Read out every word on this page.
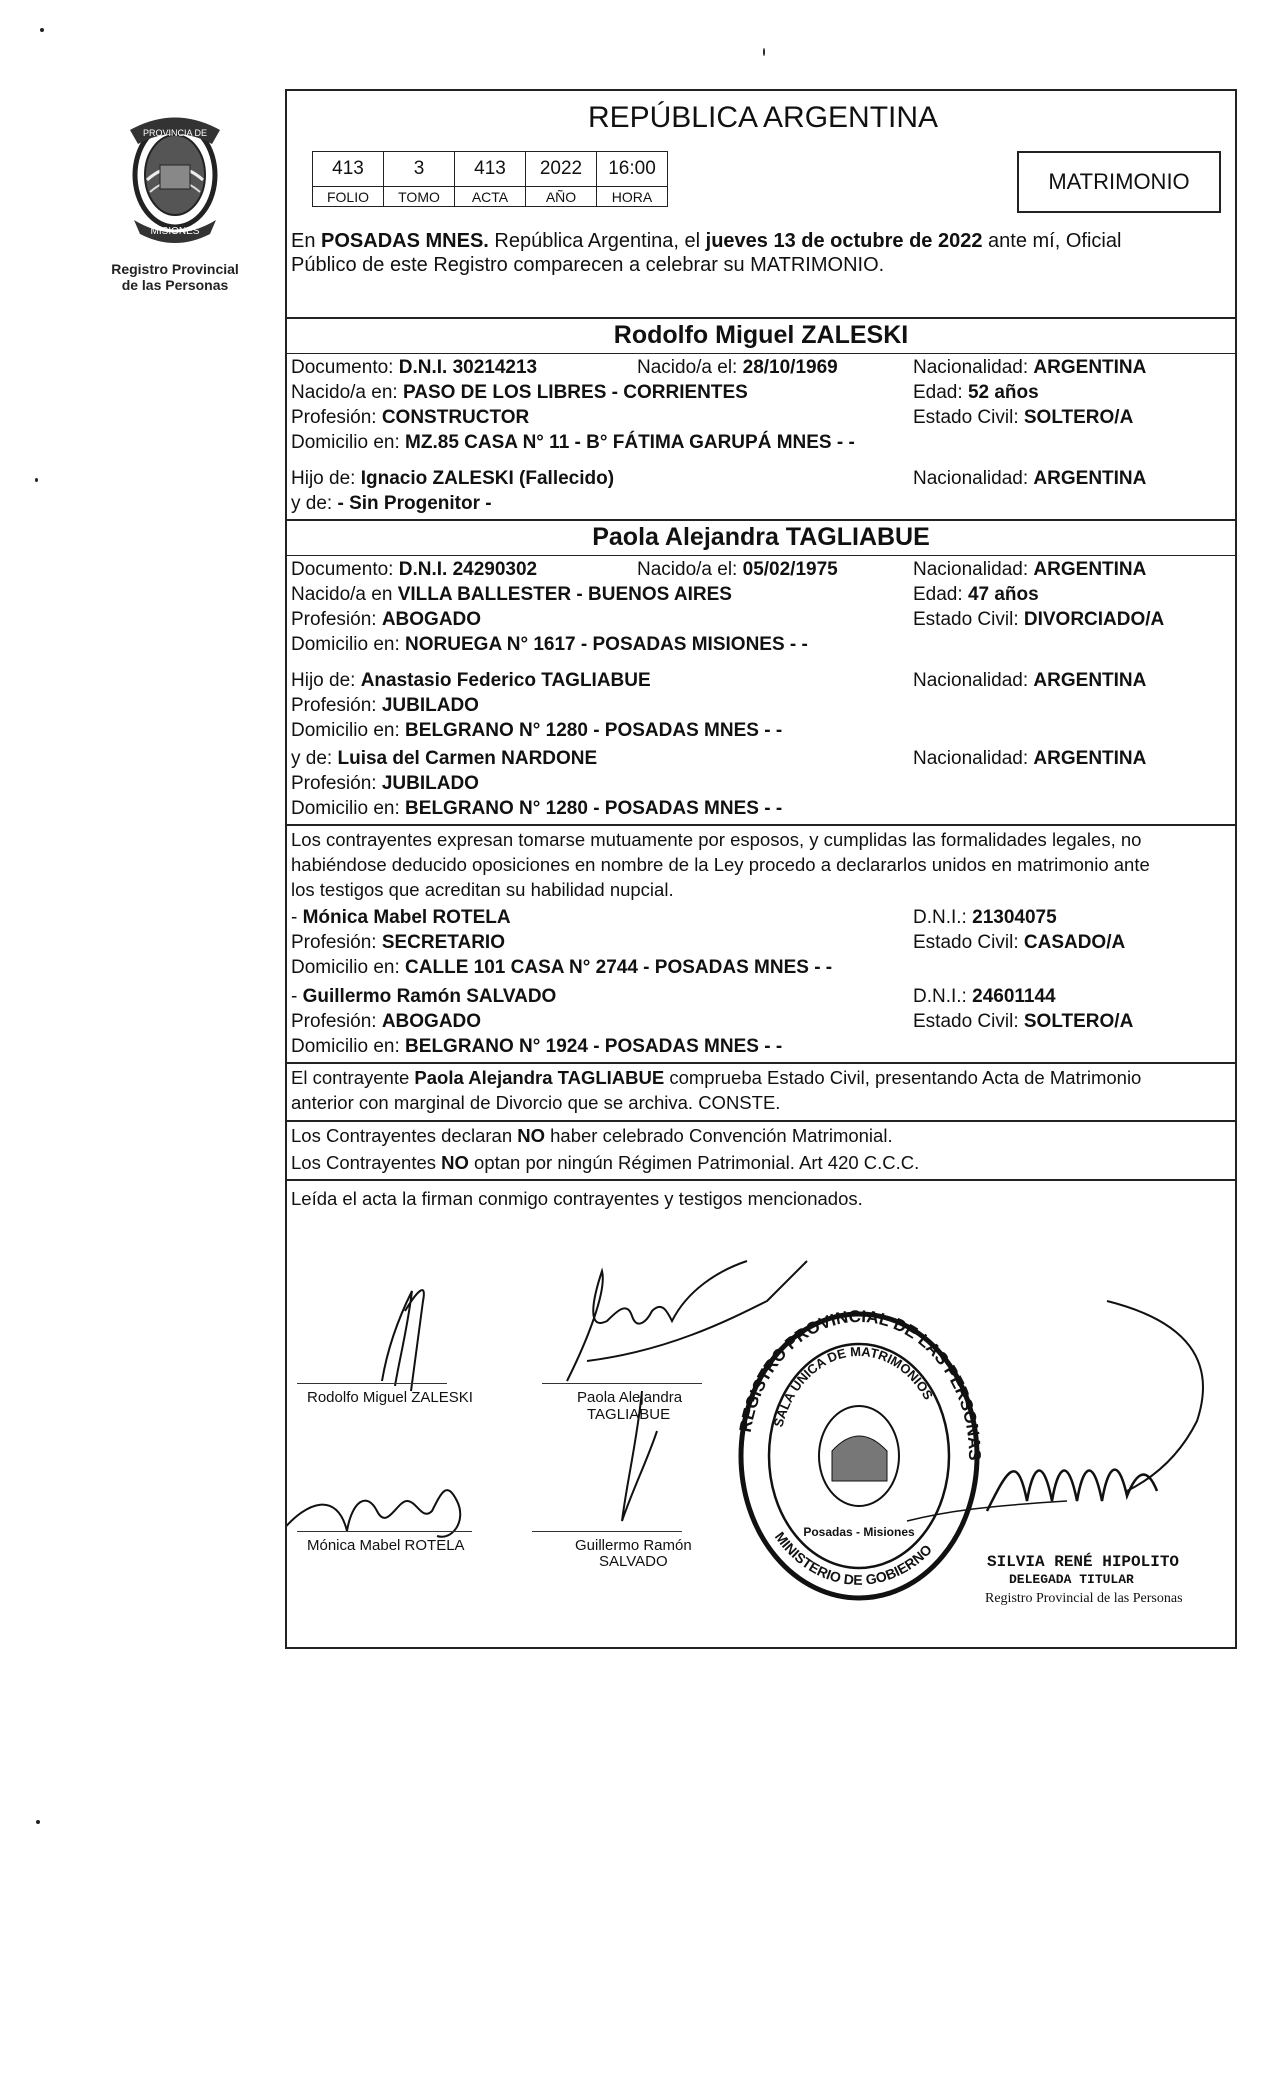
PROVINCIA DE
MISIONES
Registro Provincial
de las Personas
REPÚBLICA ARGENTINA
413	3	413	2022	16:00
FOLIO	TOMO	ACTA	AÑO	HORA
MATRIMONIO
En POSADAS MNES. República Argentina, el jueves 13 de octubre de 2022 ante mí, Oficial
Público de este Registro comparecen a celebrar su MATRIMONIO.
Rodolfo Miguel ZALESKI
Documento: D.N.I. 30214213	Nacido/a el: 28/10/1969	Nacionalidad: ARGENTINA
Nacido/a en: PASO DE LOS LIBRES - CORRIENTES	Edad: 52 años
Profesión: CONSTRUCTOR	Estado Civil: SOLTERO/A
Domicilio en: MZ.85 CASA N° 11 - B° FÁTIMA GARUPÁ MNES - -
Hijo de: Ignacio ZALESKI (Fallecido)	Nacionalidad: ARGENTINA
y de: - Sin Progenitor -
Paola Alejandra TAGLIABUE
Documento: D.N.I. 24290302	Nacido/a el: 05/02/1975	Nacionalidad: ARGENTINA
Nacido/a en VILLA BALLESTER - BUENOS AIRES	Edad: 47 años
Profesión: ABOGADO	Estado Civil: DIVORCIADO/A
Domicilio en: NORUEGA N° 1617 - POSADAS MISIONES - -
Hijo de: Anastasio Federico TAGLIABUE	Nacionalidad: ARGENTINA
Profesión: JUBILADO
Domicilio en: BELGRANO N° 1280 - POSADAS MNES - -
y de: Luisa del Carmen NARDONE	Nacionalidad: ARGENTINA
Profesión: JUBILADO
Domicilio en: BELGRANO N° 1280 - POSADAS MNES - -
Los contrayentes expresan tomarse mutuamente por esposos, y cumplidas las formalidades legales, no
habiéndose deducido oposiciones en nombre de la Ley procedo a declararlos unidos en matrimonio ante
los testigos que acreditan su habilidad nupcial.
- Mónica Mabel ROTELA	D.N.I.: 21304075
Profesión: SECRETARIO	Estado Civil: CASADO/A
Domicilio en: CALLE 101 CASA N° 2744 - POSADAS MNES - -
- Guillermo Ramón SALVADO	D.N.I.: 24601144
Profesión: ABOGADO	Estado Civil: SOLTERO/A
Domicilio en: BELGRANO N° 1924 - POSADAS MNES - -
El contrayente Paola Alejandra TAGLIABUE comprueba Estado Civil, presentando Acta de Matrimonio
anterior con marginal de Divorcio que se archiva. CONSTE.
Los Contrayentes declaran NO haber celebrado Convención Matrimonial.
Los Contrayentes NO optan por ningún Régimen Patrimonial. Art 420 C.C.C.
Leída el acta la firman conmigo contrayentes y testigos mencionados.
REGISTRO PROVINCIAL DE LAS PERSONAS
SALA ÚNICA DE MATRIMONIOS
MINISTERIO DE GOBIERNO
Posadas - Misiones
Rodolfo Miguel ZALESKI	Paola Alejandra
TAGLIABUE
Mónica Mabel ROTELA	Guillermo Ramón
SALVADO	SILVIA RENÉ HIPOLITO
DELEGADA TITULAR
Registro Provincial de las Personas
